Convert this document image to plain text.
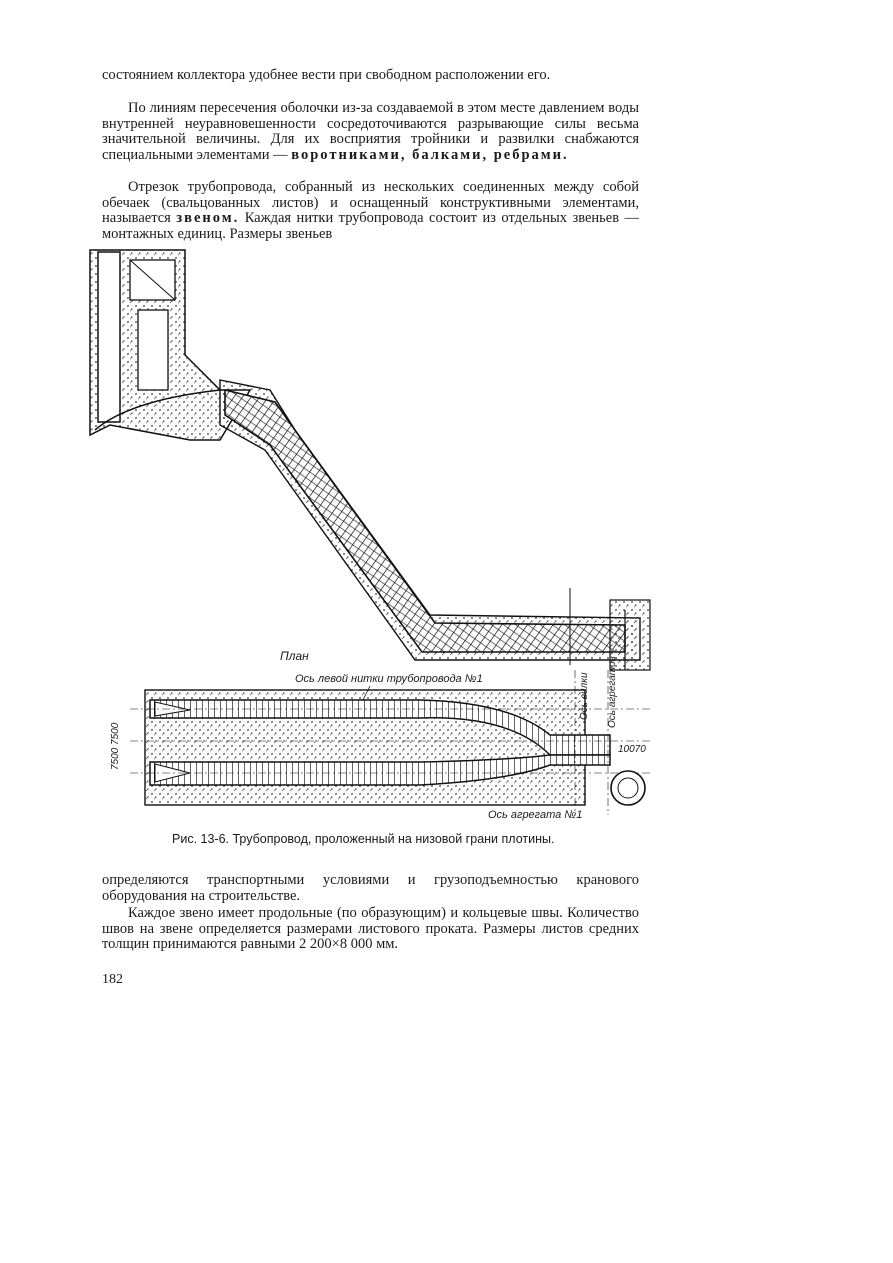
состоянием коллектора удобнее вести при свободном расположении его.

По линиям пересечения оболочки из-за создаваемой в этом месте давлением воды внутренней неуравновешенности сосредоточиваются разрывающие силы весьма значительной величины. Для их восприятия тройники и развилки снабжаются специальными элементами — воротниками, балками, ребрами.

Отрезок трубопровода, собранный из нескольких соединенных между собой обечаек (свальцованных листов) и оснащенный конструктивными элементами, называется звеном. Каждая нитки трубопровода состоит из отдельных звеньев — монтажных единиц. Размеры звеньев

План
Ось левой нитки трубопровода №1
7500 7500	10070
Ось вилки Ось агрегатов
Ось агрегата №1
Рис. 13-6. Трубопровод, проложенный на низовой грани плотины.

определяются транспортными условиями и грузоподъемностью кранового оборудования на строительстве.

Каждое звено имеет продольные (по образующим) и кольцевые швы. Количество швов на звене определяется размерами листового проката. Размеры листов средних толщин принимаются равными 2 200×8 000 мм.

182
